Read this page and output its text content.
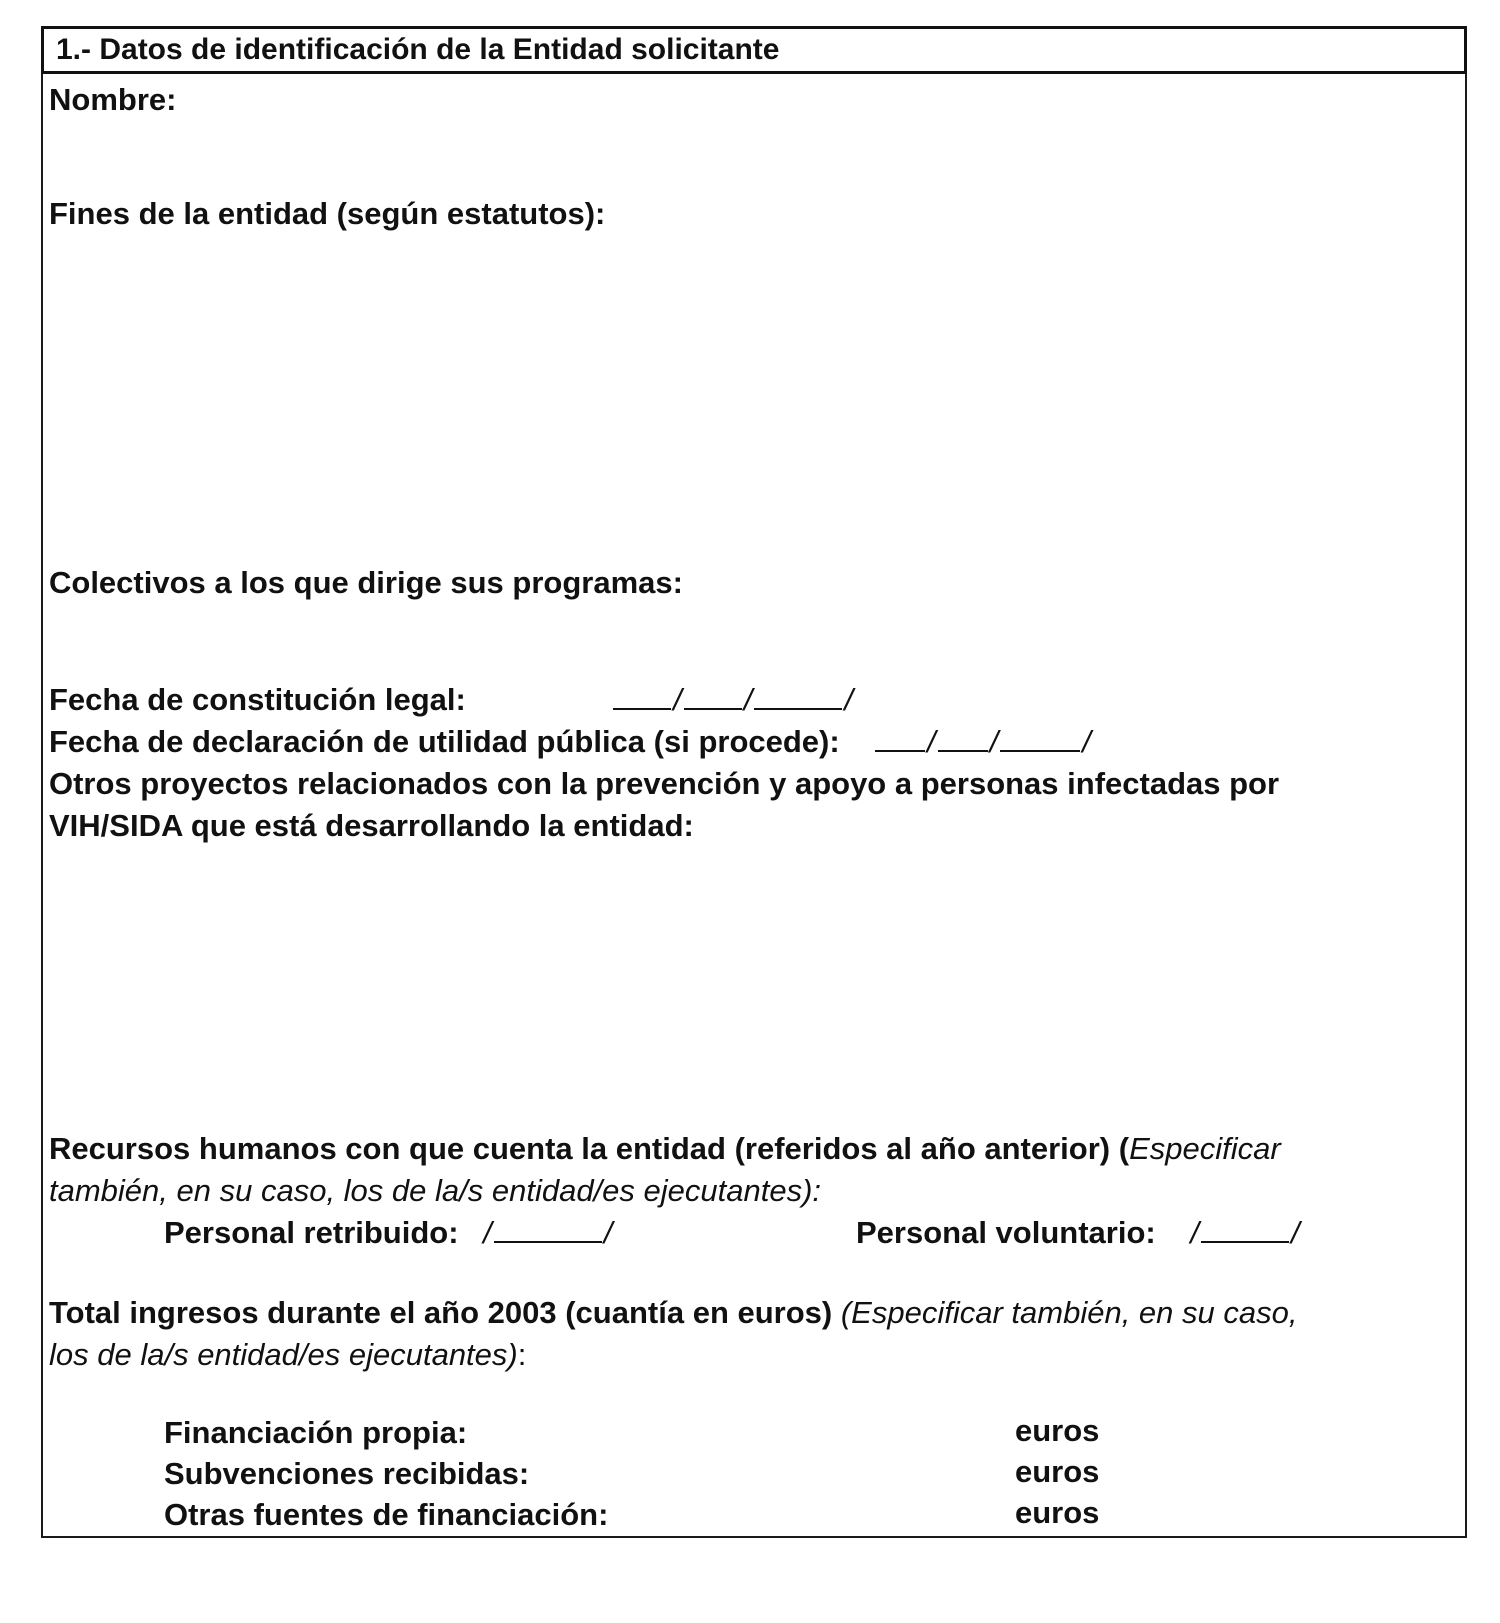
1.- Datos de identificación de la Entidad solicitante
Nombre:
Fines de la entidad (según estatutos):
Colectivos a los que dirige sus programas:
Fecha de constitución legal:	/ /	/
Fecha de declaración de utilidad pública (si procede):	/ /	/
Otros proyectos relacionados con la prevención y apoyo a personas infectadas por
VIH/SIDA que está desarrollando la entidad:
Recursos humanos con que cuenta la entidad (referidos al año anterior) (Especificar
también, en su caso, los de la/s entidad/es ejecutantes):
Personal retribuido: /	/	Personal voluntario: /	/
Total ingresos durante el año 2003 (cuantía en euros) (Especificar también, en su caso,
los de la/s entidad/es ejecutantes):
Financiación propia:	euros
Subvenciones recibidas:	euros
Otras fuentes de financiación:	euros
